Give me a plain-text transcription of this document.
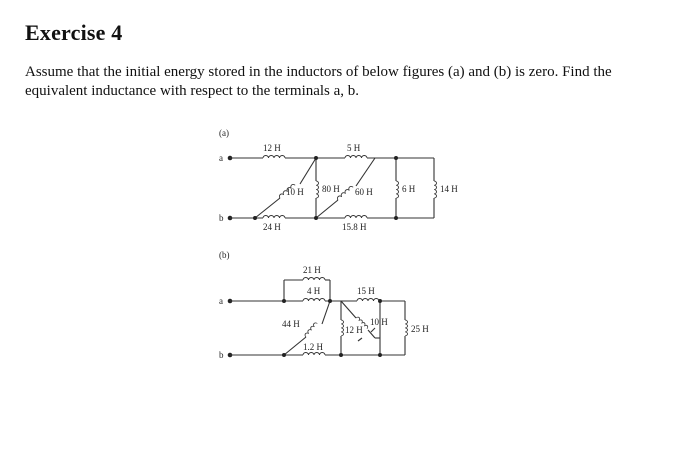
Exercise 4

Assume that the initial energy stored in the inductors of below figures (a) and (b) is zero. Find the equivalent inductance with respect to the terminals a, b.

(a)
a
b
12 H	5 H
10 H 80 H 60 H	6 H	14 H
24 H	15.8 H
(b)
a
b
21 H
4 H	15 H
44 H	10 H
12 H	25 H
1.2 H
